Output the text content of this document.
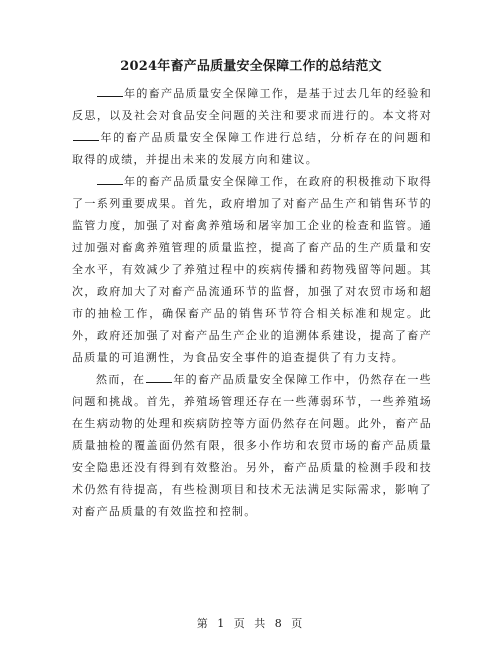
2024年畜产品质量安全保障工作的总结范文

年的畜产品质量安全保障工作，是基于过去几年的经验和反思，以及社会对食品安全问题的关注和要求而进行的。本文将对年的畜产品质量安全保障工作进行总结，分析存在的问题和取得的成绩，并提出未来的发展方向和建议。

年的畜产品质量安全保障工作，在政府的积极推动下取得了一系列重要成果。首先，政府增加了对畜产品生产和销售环节的监管力度，加强了对畜禽养殖场和屠宰加工企业的检查和监管。通过加强对畜禽养殖管理的质量监控，提高了畜产品的生产质量和安全水平，有效减少了养殖过程中的疾病传播和药物残留等问题。其次，政府加大了对畜产品流通环节的监督，加强了对农贸市场和超市的抽检工作，确保畜产品的销售环节符合相关标准和规定。此外，政府还加强了对畜产品生产企业的追溯体系建设，提高了畜产品质量的可追溯性，为食品安全事件的追查提供了有力支持。

然而，在	年的畜产品质量安全保障工作中，仍然存在一些问题和挑战。首先，养殖场管理还存在一些薄弱环节，一些养殖场在生病动物的处理和疾病防控等方面仍然存在问题。此外，畜产品质量抽检的覆盖面仍然有限，很多小作坊和农贸市场的畜产品质量安全隐患还没有得到有效整治。另外，畜产品质量的检测手段和技术仍然有待提高，有些检测项目和技术无法满足实际需求，影响了对畜产品质量的有效监控和控制。

第 1 页 共 8 页
